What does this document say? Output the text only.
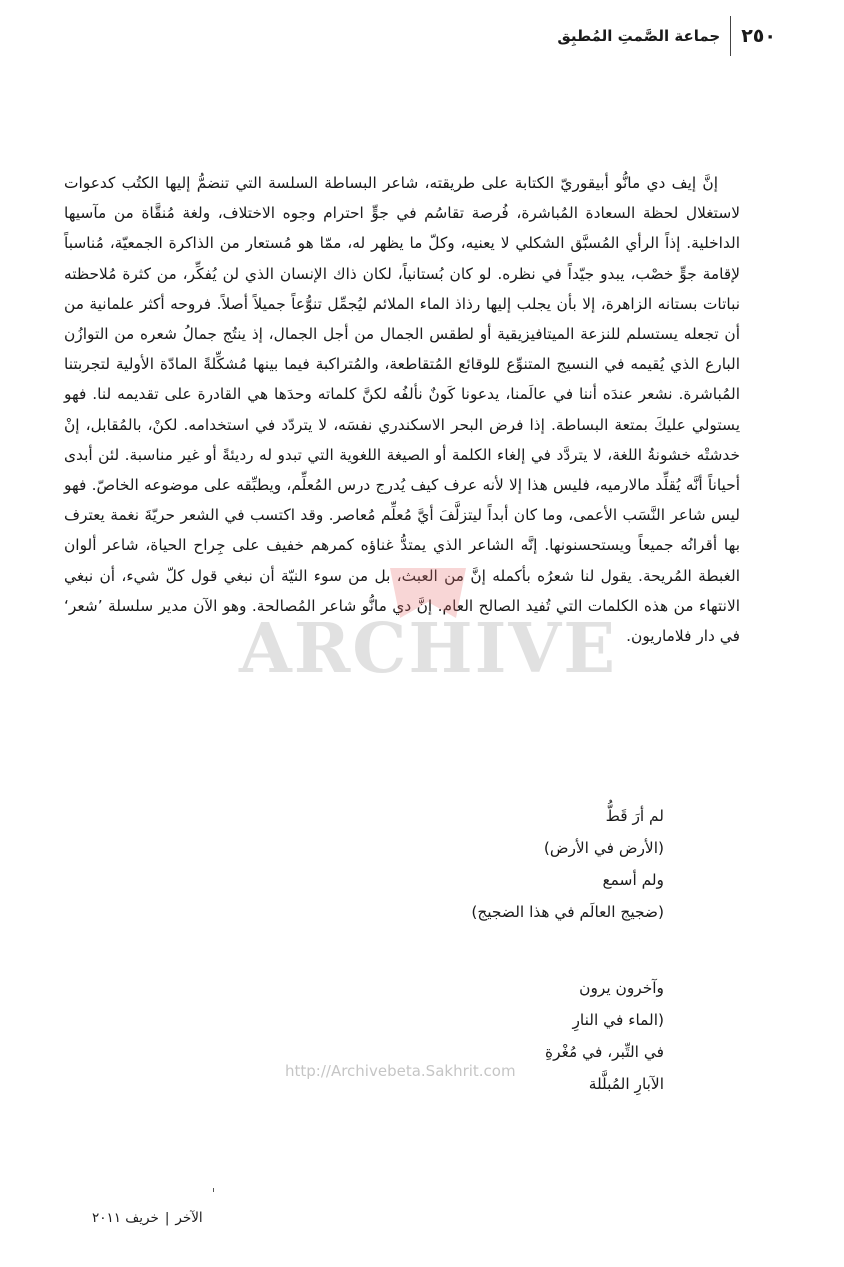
٢٥٠
جماعة الصَّمتِ المُطبِق

إنَّ إيف دي مانُّو أبيقوريّ الكتابة على طريقته، شاعر البساطة السلسة التي تنضمُّ إليها الكتُب كدعوات لاستغلال لحظة السعادة المُباشرة، فُرصة تقاسُم في جوٍّ احترام وجوه الاختلاف، ولغة مُنقَّاة من مآسيها الداخلية. إذاً الرأي المُسبَّق الشكلي لا يعنيه، وكلّ ما يظهر له، ممّا هو مُستعار من الذاكرة الجمعيّة، مُناسباً لإقامة جوٍّ خصْب، يبدو جيّداً في نظره. لو كان بُستانياً، لكان ذاك الإنسان الذي لن يُفكِّر، من كثرة مُلاحظته نباتات بستانه الزاهرة، إلا بأن يجلب إليها رذاذ الماء الملائم ليُجمِّل تنوُّعاً جميلاً أصلاً. فروحه أكثر علمانية من أن تجعله يستسلم للنزعة الميتافيزيقية أو لطقس الجمال من أجل الجمال، إذ ينتُج جمالُ شعره من التوازُن البارع الذي يُقيمه في النسيج المتنوِّع للوقائع المُتقاطعة، والمُتراكبة فيما بينها مُشكِّلةً المادّة الأولية لتجربتنا المُباشرة. نشعر عندَه أننا في عالَمنا، يدعونا كَونٌ نألفُه لكنَّ كلماته وحدَها هي القادرة على تقديمه لنا. فهو يستولي عليكَ بمتعة البساطة. إذا فرض البحر الاسكندري نفسَه، لا يتردّد في استخدامه. لكنْ، بالمُقابل، إنْ خدشتْه خشونةُ اللغة، لا يتردَّد في إلغاء الكلمة أو الصيغة اللغوية التي تبدو له رديئةً أو غير مناسبة. لئن أبدى أحياناً أنَّه يُقلِّد مالارميه، فليس هذا إلا لأنه عرف كيف يُدرج درس المُعلِّم، ويطبِّقه على موضوعه الخاصّ. فهو ليس شاعر النَّسَب الأعمى، وما كان أبداً ليتزلَّفَ أيَّ مُعلِّم مُعاصر. وقد اكتسب في الشعر حريّةَ نغمة يعترف بها أقرانُه جميعاً ويستحسنونها. إنَّه الشاعر الذي يمتدُّ غناؤه كمرهم خفيف على جِراح الحياة، شاعر ألوان الغبطة المُريحة. يقول لنا شعرُه بأكمله إنَّ من العبث، بل من سوء النيّة أن نبغي قول كلّ شيء، أن نبغي الانتهاء من هذه الكلمات التي تُفيد الصالح العام. إنَّ دي مانُّو شاعر المُصالحة. وهو الآن مدير سلسلة ’شعر‘ في دار فلاماريون.

لم أرَ قَطُّ
(الأرض في الأرض)
ولم أسمع
(ضجيج العالَم في هذا الضجيج)
وآخرون يرون
(الماء في النارِ
في التِّبر، في مُغْرةِ
الآبارِ المُبلَّلة
ARCHIVE
http://Archivebeta.Sakhrit.com
الآخر
|
خريف ٢٠١١
